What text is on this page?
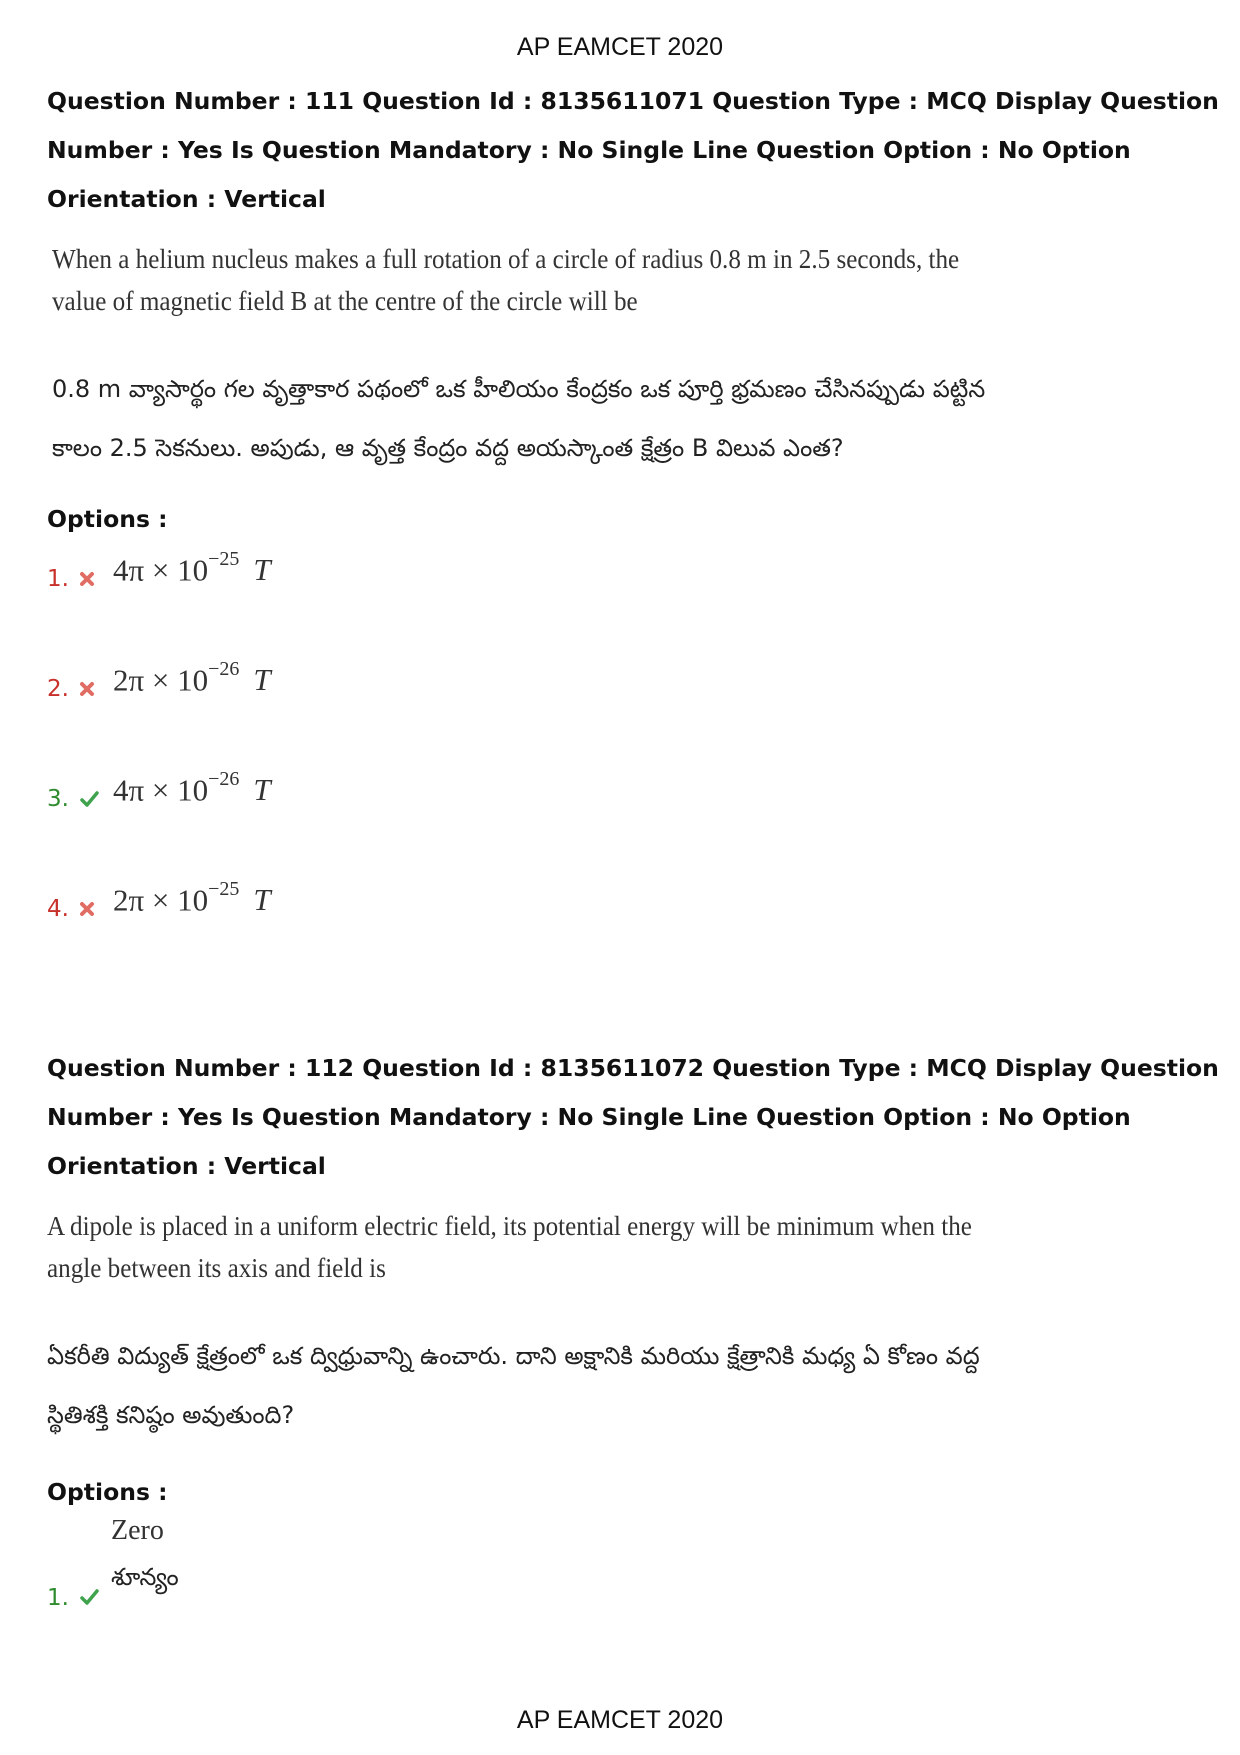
AP EAMCET 2020
Question Number : 111 Question Id : 8135611071 Question Type : MCQ Display Question
Number : Yes Is Question Mandatory : No Single Line Question Option : No Option
Orientation : Vertical
When a helium nucleus makes a full rotation of a circle of radius 0.8 m in 2.5 seconds, the
value of magnetic field B at the centre of the circle will be
0.8 m వ్యాసార్థం గల వృత్తాకార పథంలో ఒక హీలియం కేంద్రకం ఒక పూర్తి భ్రమణం చేసినప్పుడు పట్టిన
కాలం 2.5 సెకనులు. అపుడు, ఆ వృత్త కేంద్రం వద్ద అయస్కాంత క్షేత్రం B విలువ ఎంత?
Options :
1. $4\pi \times 10^{-25}$ T
2. $2\pi \times 10^{-26}$ T
3. $4\pi \times 10^{-26}$ T
4. $2\pi \times 10^{-25}$ T
Question Number : 112 Question Id : 8135611072 Question Type : MCQ Display Question
Number : Yes Is Question Mandatory : No Single Line Question Option : No Option
Orientation : Vertical
A dipole is placed in a uniform electric field, its potential energy will be minimum when the
angle between its axis and field is
ఏకరీతి విద్యుత్ క్షేత్రంలో ఒక ద్విధ్రువాన్ని ఉంచారు. దాని అక్షానికి మరియు క్షేత్రానికి మధ్య ఏ కోణం వద్ద
స్థితిశక్తి కనిష్ఠం అవుతుంది?
Options :
Zero
శూన్యం
1.
AP EAMCET 2020
